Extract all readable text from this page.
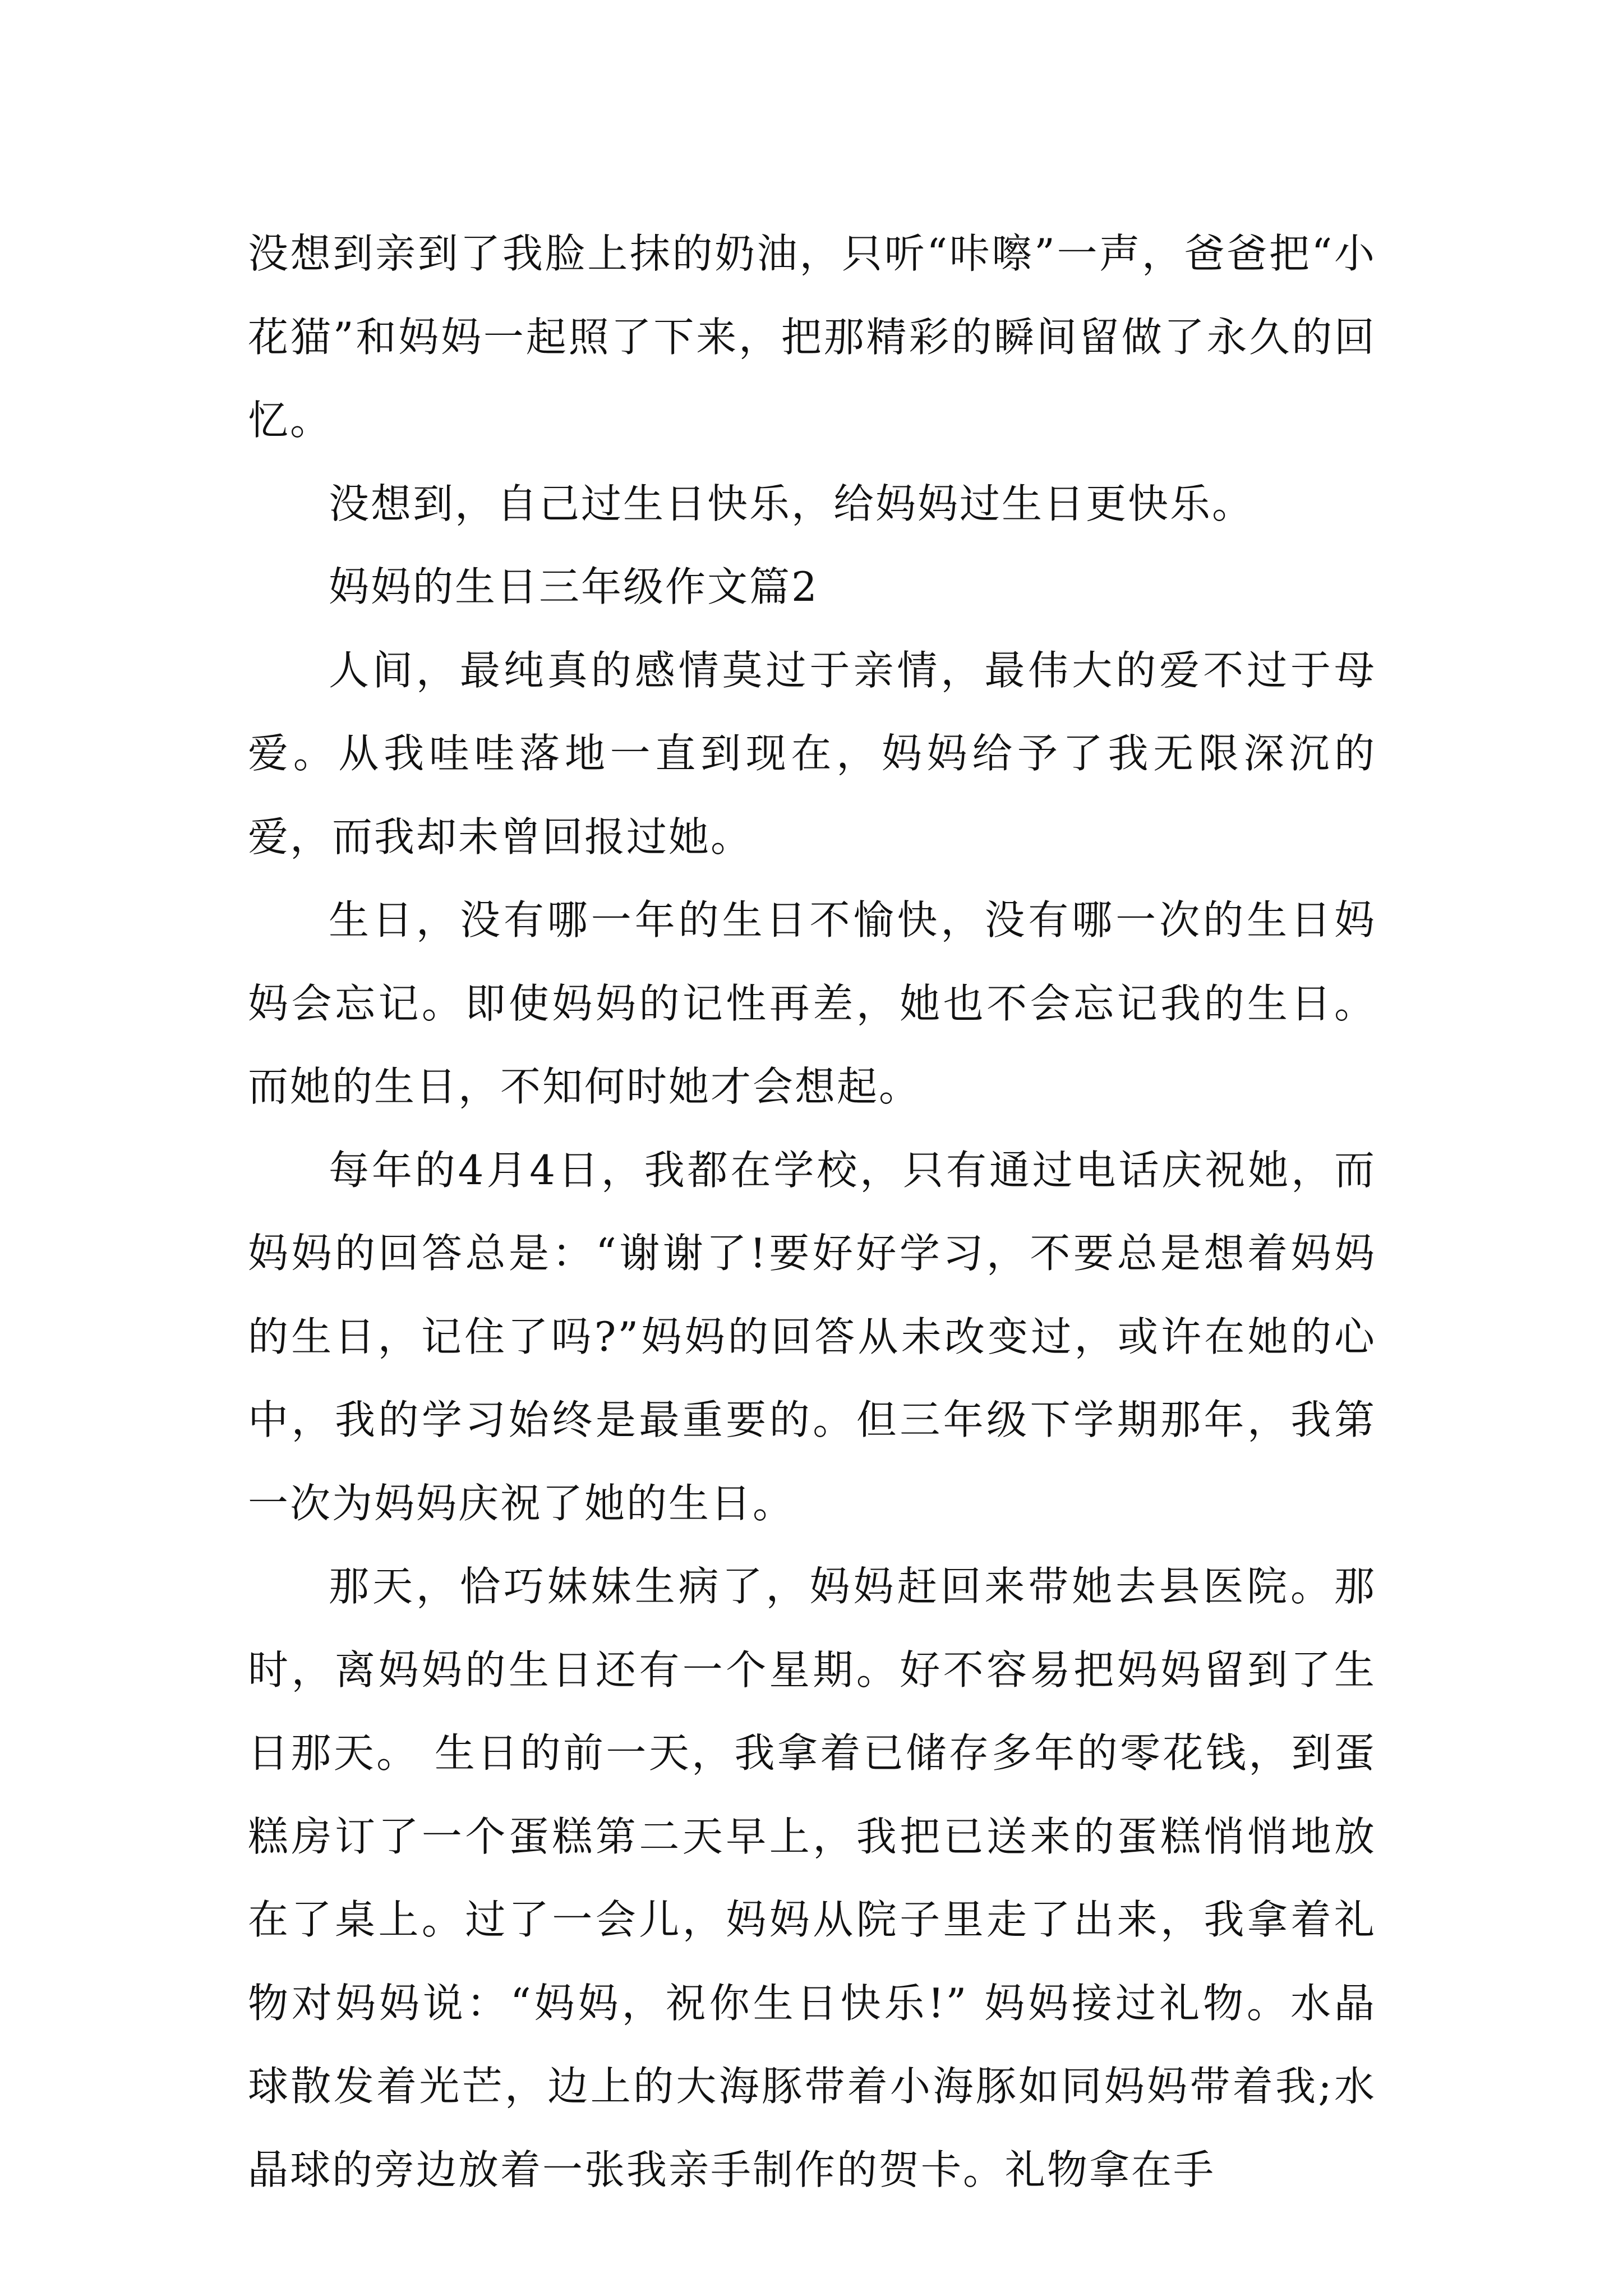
没想到亲到了我脸上抹的奶油，只听“咔嚓”一声，爸爸把“小花猫”和妈妈一起照了下来，把那精彩的瞬间留做了永久的回忆。

没想到，自己过生日快乐，给妈妈过生日更快乐。

妈妈的生日三年级作文篇2

人间，最纯真的感情莫过于亲情，最伟大的爱不过于母爱。从我哇哇落地一直到现在，妈妈给予了我无限深沉的爱，而我却未曾回报过她。

生日，没有哪一年的生日不愉快，没有哪一次的生日妈妈会忘记。即使妈妈的记性再差，她也不会忘记我的生日。而她的生日，不知何时她才会想起。

每年的4月4日，我都在学校，只有通过电话庆祝她，而妈妈的回答总是：“谢谢了!要好好学习，不要总是想着妈妈的生日，记住了吗?”妈妈的回答从未改变过，或许在她的心中，我的学习始终是最重要的。但三年级下学期那年，我第一次为妈妈庆祝了她的生日。

那天，恰巧妹妹生病了，妈妈赶回来带她去县医院。那时，离妈妈的生日还有一个星期。好不容易把妈妈留到了生日那天。 生日的前一天，我拿着已储存多年的零花钱，到蛋糕房订了一个蛋糕第二天早上，我把已送来的蛋糕悄悄地放在了桌上。过了一会儿，妈妈从院子里走了出来，我拿着礼物对妈妈说：“妈妈，祝你生日快乐!” 妈妈接过礼物。水晶球散发着光芒，边上的大海豚带着小海豚如同妈妈带着我;水晶球的旁边放着一张我亲手制作的贺卡。礼物拿在手
